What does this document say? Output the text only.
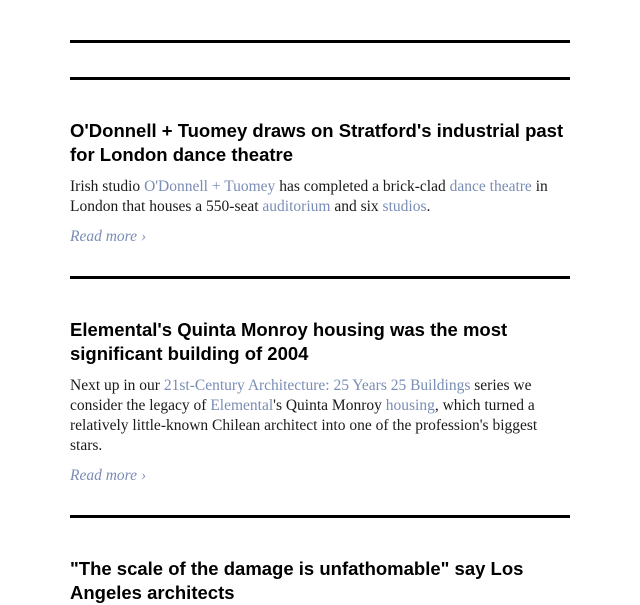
O'Donnell + Tuomey draws on Stratford's industrial past for London dance theatre

Irish studio O'Donnell + Tuomey has completed a brick-clad dance theatre in London that houses a 550-seat auditorium and six studios.

Read more ›
Elemental's Quinta Monroy housing was the most significant building of 2004

Next up in our 21st-Century Architecture: 25 Years 25 Buildings series we consider the legacy of Elemental's Quinta Monroy housing, which turned a relatively little-known Chilean architect into one of the profession's biggest stars.

Read more ›
"The scale of the damage is unfathomable" say Los Angeles architects
